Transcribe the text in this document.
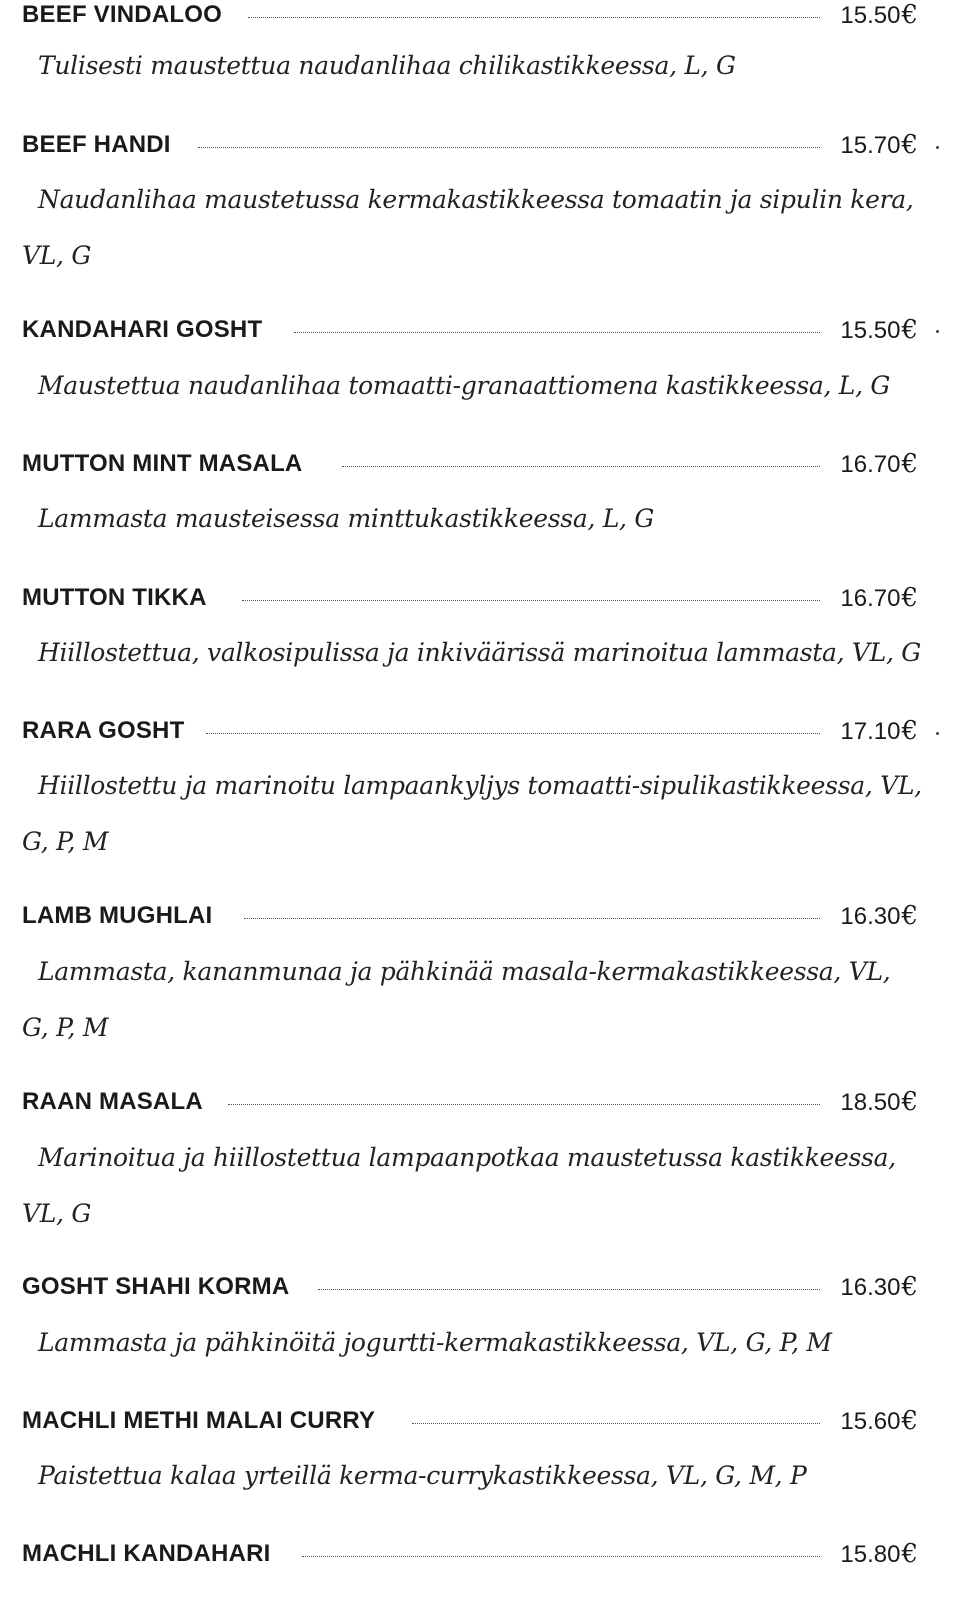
BEEF VINDALOO	15.50€
Tulisesti maustettua naudanlihaa chilikastikkeessa, L, G
BEEF HANDI	15.70€
Naudanlihaa maustetussa kermakastikkeessa tomaatin ja sipulin kera, VL, G
KANDAHARI GOSHT	15.50€
Maustettua naudanlihaa tomaatti-granaattiomena kastikkeessa, L, G
MUTTON MINT MASALA	16.70€
Lammasta mausteisessa minttukastikkeessa, L, G
MUTTON TIKKA	16.70€
Hiillostettua, valkosipulissa ja inkiväärissä marinoitua lammasta, VL, G
RARA GOSHT	17.10€
Hiillostettu ja marinoitu lampaankyljys tomaatti-sipulikastikkeessa, VL, G, P, M
LAMB MUGHLAI	16.30€
Lammasta, kananmunaa ja pähkinää masala-kermakastikkeessa, VL, G, P, M
RAAN MASALA	18.50€
Marinoitua ja hiillostettua lampaanpotkaa maustetussa kastikkeessa, VL, G
GOSHT SHAHI KORMA	16.30€
Lammasta ja pähkinöitä jogurtti-kermakastikkeessa, VL, G, P, M
MACHLI METHI MALAI CURRY	15.60€
Paistettua kalaa yrteillä kerma-currykastikkeessa, VL, G, M, P
MACHLI KANDAHARI	15.80€
